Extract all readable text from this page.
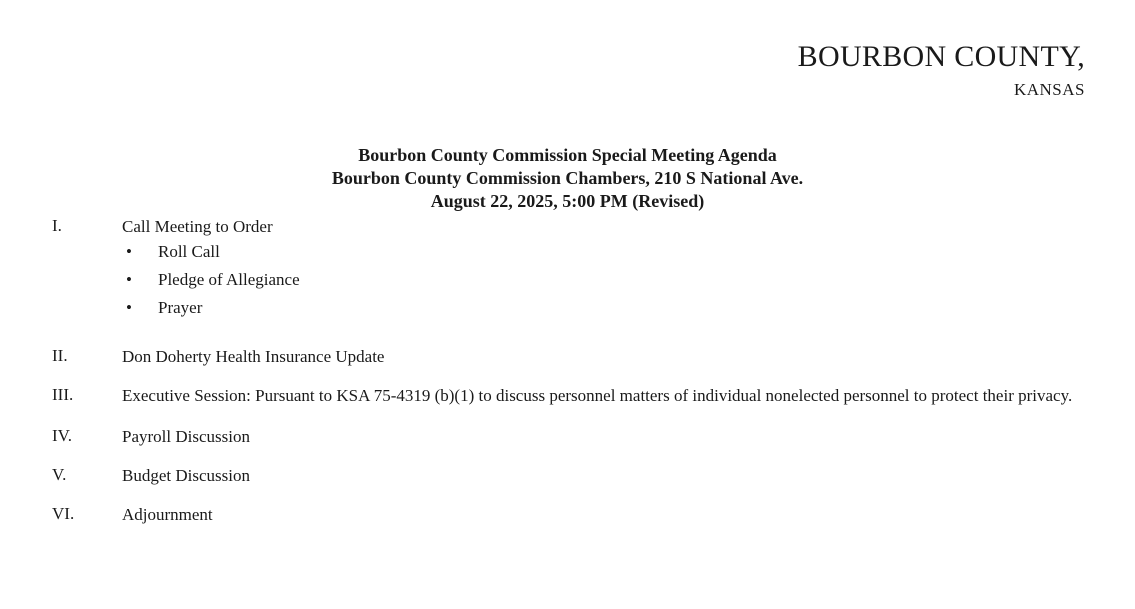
BOURBON COUNTY,
KANSAS
Bourbon County Commission Special Meeting Agenda
Bourbon County Commission Chambers, 210 S National Ave.
August 22, 2025, 5:00 PM (Revised)
I.	Call Meeting to Order
• Roll Call
• Pledge of Allegiance
• Prayer
II.	Don Doherty Health Insurance Update
III.	Executive Session: Pursuant to KSA 75-4319 (b)(1) to discuss personnel matters of individual nonelected personnel to protect their privacy.
IV.	Payroll Discussion
V.	Budget Discussion
VI.	Adjournment
